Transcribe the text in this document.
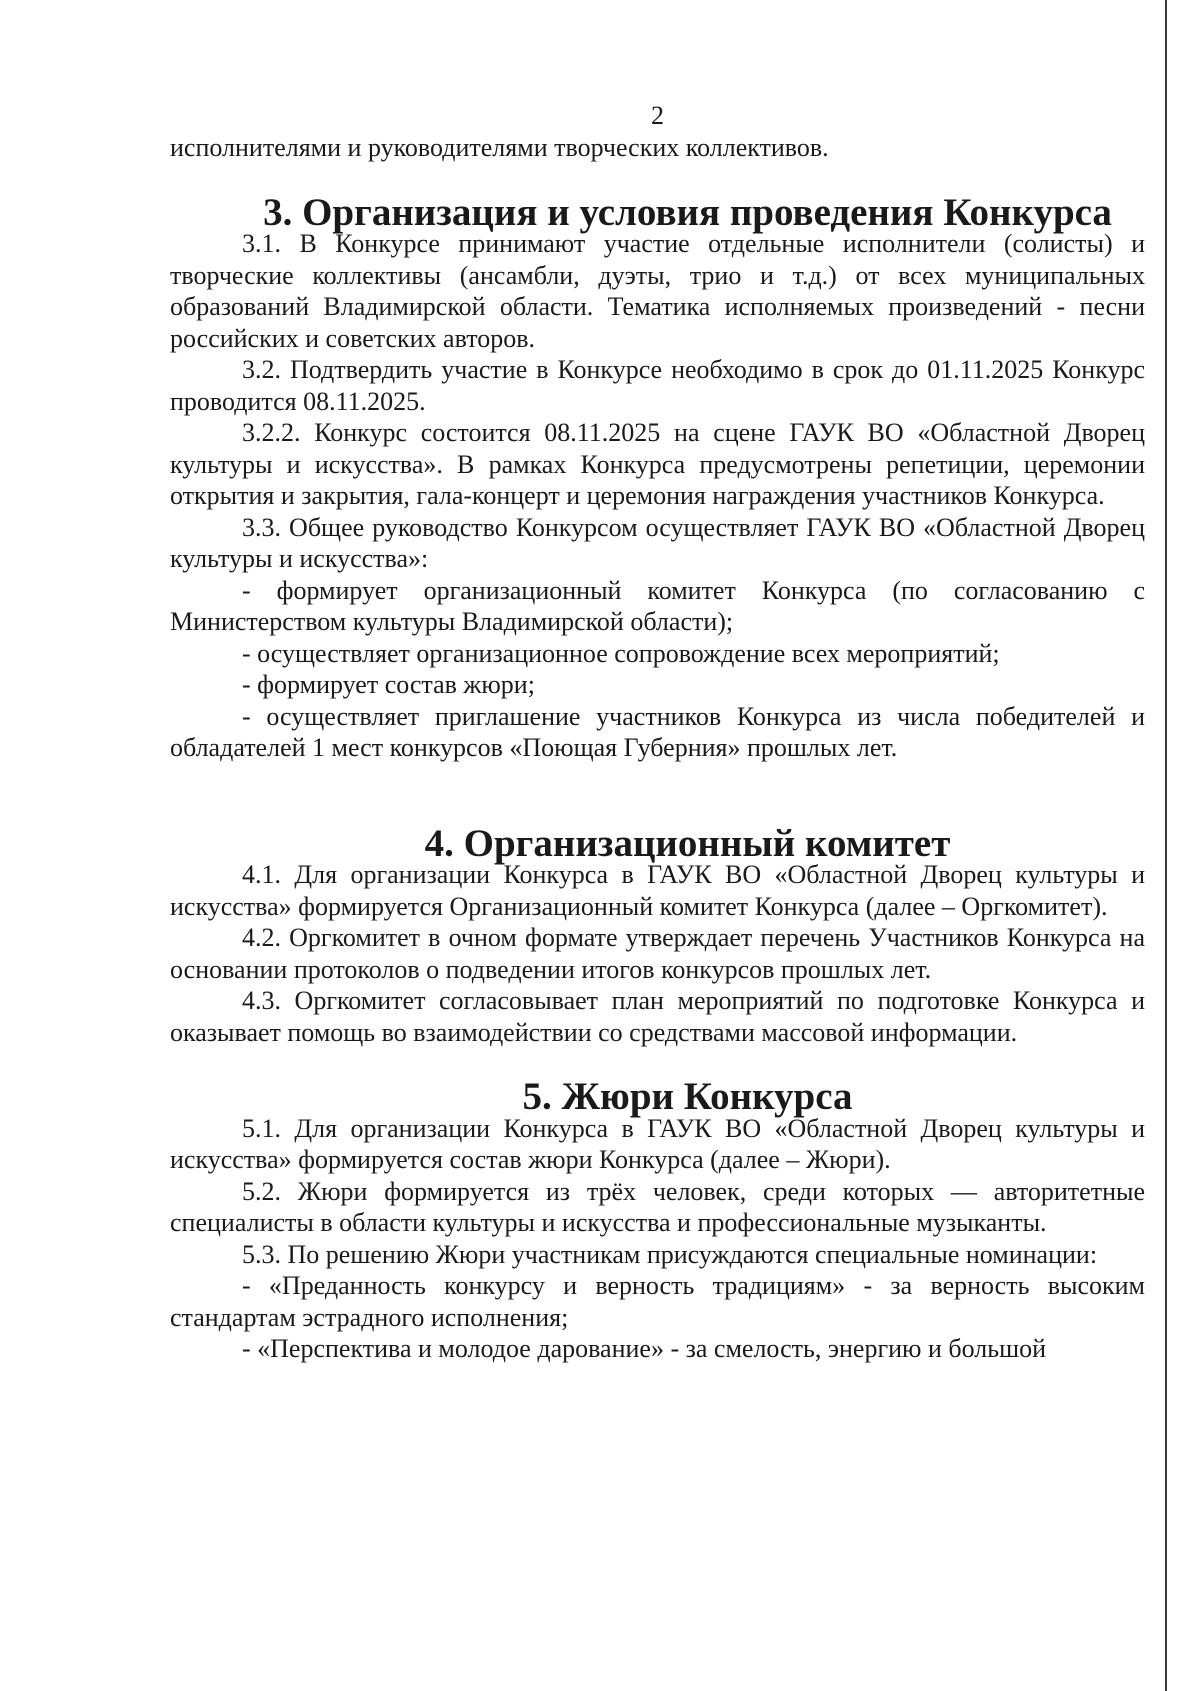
2

исполнителями и руководителями творческих коллективов.

3. Организация и условия проведения Конкурса

3.1. В Конкурсе принимают участие отдельные исполнители (солисты) и творческие коллективы (ансамбли, дуэты, трио и т.д.) от всех муниципальных образований Владимирской области. Тематика исполняемых произведений - песни российских и советских авторов.

3.2. Подтвердить участие в Конкурсе необходимо в срок до 01.11.2025 Конкурс проводится 08.11.2025.

3.2.2. Конкурс состоится 08.11.2025 на сцене ГАУК ВО «Областной Дворец культуры и искусства». В рамках Конкурса предусмотрены репетиции, церемонии открытия и закрытия, гала-концерт и церемония награждения участников Конкурса.

3.3. Общее руководство Конкурсом осуществляет ГАУК ВО «Областной Дворец культуры и искусства»:

- формирует организационный комитет Конкурса (по согласованию с Министерством культуры Владимирской области);

- осуществляет организационное сопровождение всех мероприятий;

- формирует состав жюри;

- осуществляет приглашение участников Конкурса из числа победителей и обладателей 1 мест конкурсов «Поющая Губерния» прошлых лет.

4. Организационный комитет

4.1. Для организации Конкурса в ГАУК ВО «Областной Дворец культуры и искусства» формируется Организационный комитет Конкурса (далее – Оргкомитет).

4.2. Оргкомитет в очном формате утверждает перечень Участников Конкурса на основании протоколов о подведении итогов конкурсов прошлых лет.

4.3. Оргкомитет согласовывает план мероприятий по подготовке Конкурса и оказывает помощь во взаимодействии со средствами массовой информации.

5. Жюри Конкурса

5.1. Для организации Конкурса в ГАУК ВО «Областной Дворец культуры и искусства» формируется состав жюри Конкурса (далее – Жюри).

5.2. Жюри формируется из трёх человек, среди которых — авторитетные специалисты в области культуры и искусства и профессиональные музыканты.

5.3. По решению Жюри участникам присуждаются специальные номинации:

- «Преданность конкурсу и верность традициям» - за верность высоким стандартам эстрадного исполнения;

- «Перспектива и молодое дарование» - за смелость, энергию и большой
